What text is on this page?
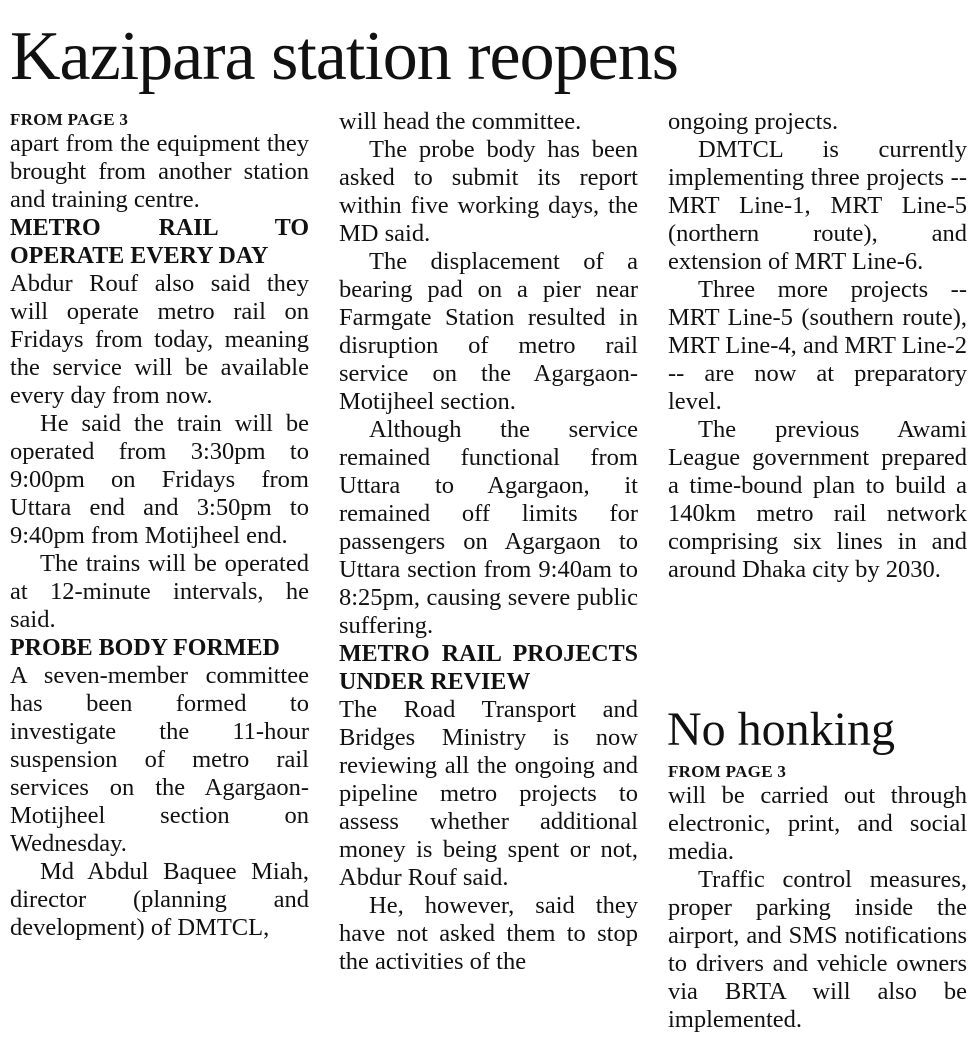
Kazipara station reopens
FROM PAGE 3

apart from the equipment they brought from another station and training centre.

METRO RAIL TO OPERATE EVERY DAY

Abdur Rouf also said they will operate metro rail on Fridays from today, meaning the service will be available every day from now.

He said the train will be operated from 3:30pm to 9:00pm on Fridays from Uttara end and 3:50pm to 9:40pm from Motijheel end.

The trains will be operated at 12-minute intervals, he said.

PROBE BODY FORMED

A seven-member committee has been formed to investigate the 11-hour suspension of metro rail services on the Agargaon-Motijheel section on Wednesday.

Md Abdul Baquee Miah, director (planning and development) of DMTCL,

will head the committee.

The probe body has been asked to submit its report within five working days, the MD said.

The displacement of a bearing pad on a pier near Farmgate Station resulted in disruption of metro rail service on the Agargaon-Motijheel section.

Although the service remained functional from Uttara to Agargaon, it remained off limits for passengers on Agargaon to Uttara section from 9:40am to 8:25pm, causing severe public suffering.

METRO RAIL PROJECTS UNDER REVIEW

The Road Transport and Bridges Ministry is now reviewing all the ongoing and pipeline metro projects to assess whether additional money is being spent or not, Abdur Rouf said.

He, however, said they have not asked them to stop the activities of the

ongoing projects.

DMTCL is currently implementing three projects -- MRT Line-1, MRT Line-5 (northern route), and extension of MRT Line-6.

Three more projects -- MRT Line-5 (southern route), MRT Line-4, and MRT Line-2 -- are now at preparatory level.

The previous Awami League government prepared a time-bound plan to build a 140km metro rail network comprising six lines in and around Dhaka city by 2030.

No honking
FROM PAGE 3

will be carried out through electronic, print, and social media.

Traffic control measures, proper parking inside the airport, and SMS notifications to drivers and vehicle owners via BRTA will also be implemented.
